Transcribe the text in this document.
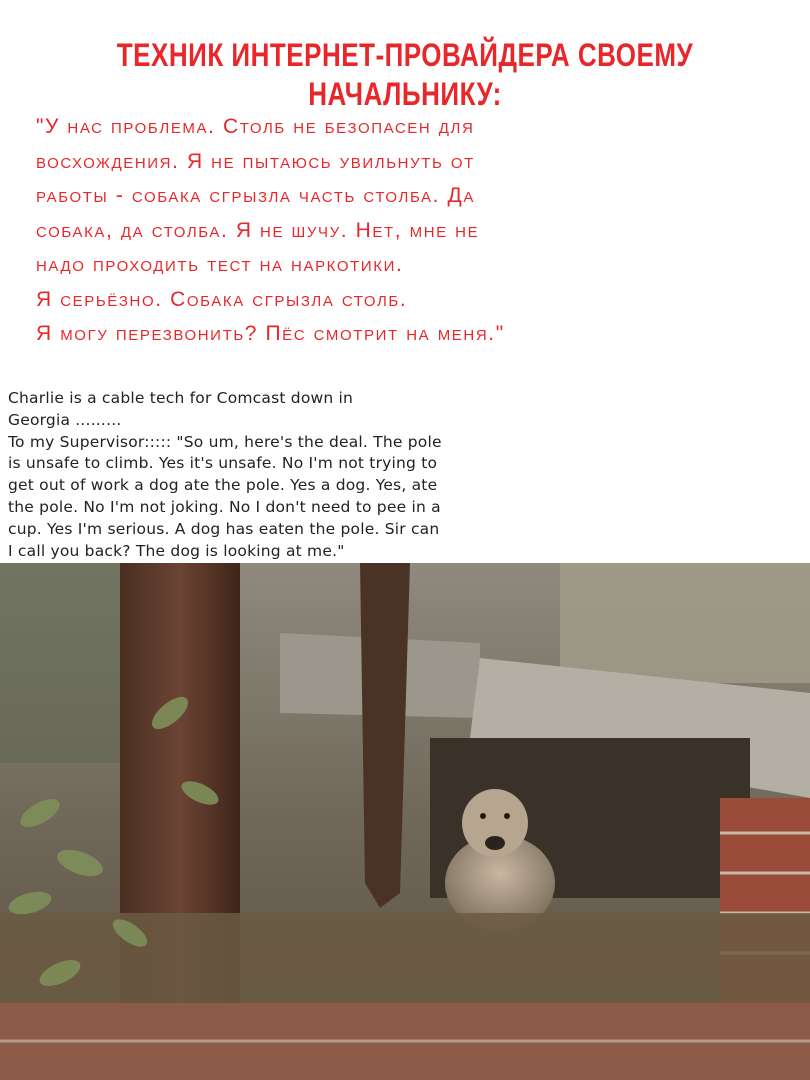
ТЕХНИК ИНТЕРНЕТ-ПРОВАЙДЕРА СВОЕМУ НАЧАЛЬНИКУ:
"У нас проблема. Столб не безопасен для
восхождения. Я не пытаюсь увильнуть от
работы - собака сгрызла часть столба. Да
собака, да столба. Я не шучу. Нет, мне не
надо проходить тест на наркотики.
Я серьёзно. Собака сгрызла столб.
Я могу перезвонить? Пёс смотрит на меня."
Charlie is a cable tech for Comcast down in
Georgia .........
To my Supervisor::::: "So um, here's the deal. The pole
is unsafe to climb. Yes it's unsafe. No I'm not trying to
get out of work a dog ate the pole. Yes a dog. Yes, ate
the pole. No I'm not joking. No I don't need to pee in a
cup. Yes I'm serious. A dog has eaten the pole. Sir can
I call you back? The dog is looking at me."
